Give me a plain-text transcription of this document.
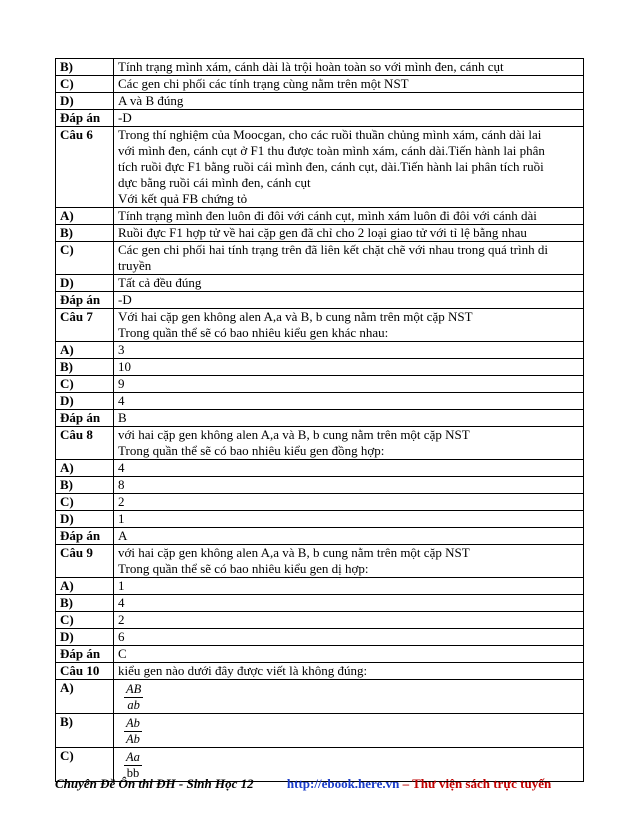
B)	Tính trạng mình xám, cánh dài là trội hoàn toàn so với mình đen, cánh cụt

C)	Các gen chi phối các tính trạng cùng nằm trên một NST

D)	A và B đúng

Đáp án	-D

Câu 6	Trong thí nghiệm của Moocgan, cho các ruồi thuần chủng mình xám, cánh dài lai
với mình đen, cánh cụt ở F1 thu được toàn mình xám, cánh dài.Tiến hành lai phân
tích ruồi đực F1 bằng ruồi cái mình đen, cánh cụt, dài.Tiến hành lai phân tích ruồi
dực bằng ruồi cái mình đen, cánh cụt
Với kết quả FB chứng tỏ

A)	Tính trạng mình đen luôn đi đôi với cánh cụt, mình xám luôn đi đôi với cánh dài

B)	Ruồi đực F1 hợp tử về hai cặp gen đã chỉ cho 2 loại giao tử với tỉ lệ bằng nhau

C)	Các gen chi phối hai tính trạng trên đã liên kết chặt chẽ với nhau trong quá trình di
truyền

D)	Tất cả đều đúng

Đáp án	-D

Câu 7	Với hai cặp gen không alen A,a và B, b cung nằm trên một cặp NST
Trong quần thể sẽ có bao nhiêu kiểu gen khác nhau:

A)	3

B)	10

C)	9

D)	4

Đáp án	B

Câu 8	với hai cặp gen không alen A,a và B, b cung nằm trên một cặp NST
Trong quần thể sẽ có bao nhiêu kiểu gen đồng hợp:

A)	4

B)	8

C)	2

D)	1

Đáp án	A

Câu 9	với hai cặp gen không alen A,a và B, b cung nằm trên một cặp NST
Trong quần thể sẽ có bao nhiêu kiểu gen dị hợp:

A)	1

B)	4

C)	2

D)	6

Đáp án	C

Câu 10	kiểu gen nào dưới đây được viết là không đúng:

A)	$\frac{AB}{ab}$

B)	$\frac{Ab}{Ab}$

C)	$\frac{Aa}{bb}$
Chuyên Đề Ôn thi ĐH - Sinh Học 12	http://ebook.here.vn – Thư viện sách trực tuyến
